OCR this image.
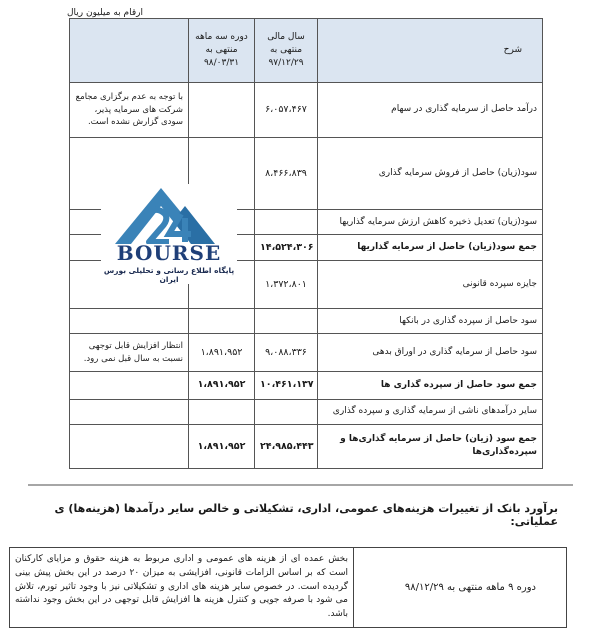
ارقام به میلیون ریال
شرح	سال مالی منتهی به ۹۷/۱۲/۲۹	دوره سه ماهه منتهی به ۹۸/۰۳/۳۱	
درآمد حاصل از سرمایه گذاری در سهام	۶،۰۵۷،۴۶۷		با توجه به عدم برگزاری مجامع شرکت های سرمایه پذیر، سودی گزارش نشده است.
سود(زیان) حاصل از فروش سرمایه گذاری	۸،۴۶۶،۸۳۹		
سود(زیان) تعدیل ذخیره کاهش ارزش سرمایه گذاریها			
جمع سود(زیان) حاصل از سرمایه گذاریها	۱۴،۵۲۴،۳۰۶		
جایزه سپرده قانونی	۱،۳۷۲،۸۰۱		
سود حاصل از سپرده گذاری در بانکها			
سود حاصل از سرمایه گذاری در اوراق بدهی	۹،۰۸۸،۳۳۶	۱،۸۹۱،۹۵۲	انتظار افزایش قابل توجهی نسبت به سال قبل نمی رود.
جمع سود حاصل از سپرده گذاری ها	۱۰،۴۶۱،۱۳۷	۱،۸۹۱،۹۵۲	
سایر درآمدهای ناشی از سرمایه گذاری و سپرده گذاری			
جمع سود (زیان) حاصل از سرمایه گذاری‌ها و سپرده‌گذاری‌ها	۲۴،۹۸۵،۴۴۳	۱،۸۹۱،۹۵۲	
BOURSE
پایگاه اطلاع رسانی و تحلیلی بورس ایران
برآورد بانک از تغییرات هزینه‌های عمومی، اداری، تشکیلاتی و خالص سایر درآمدها (هزینه‌ها) ی عملیاتی:
دوره ۹ ماهه منتهی به ۹۸/۱۲/۲۹	بخش عمده ای از هزینه های عمومی و اداری مربوط به هزینه حقوق و مزایای کارکنان است که بر اساس الزامات قانونی، افزایشی به میزان ۲۰ درصد در این بخش پیش بینی گردیده است. در خصوص سایر هزینه های اداری و تشکیلاتی نیز با وجود تاثیر تورم، تلاش می شود با صرفه جویی و کنترل هزینه ها افزایش قابل توجهی در این بخش وجود نداشته باشد.
